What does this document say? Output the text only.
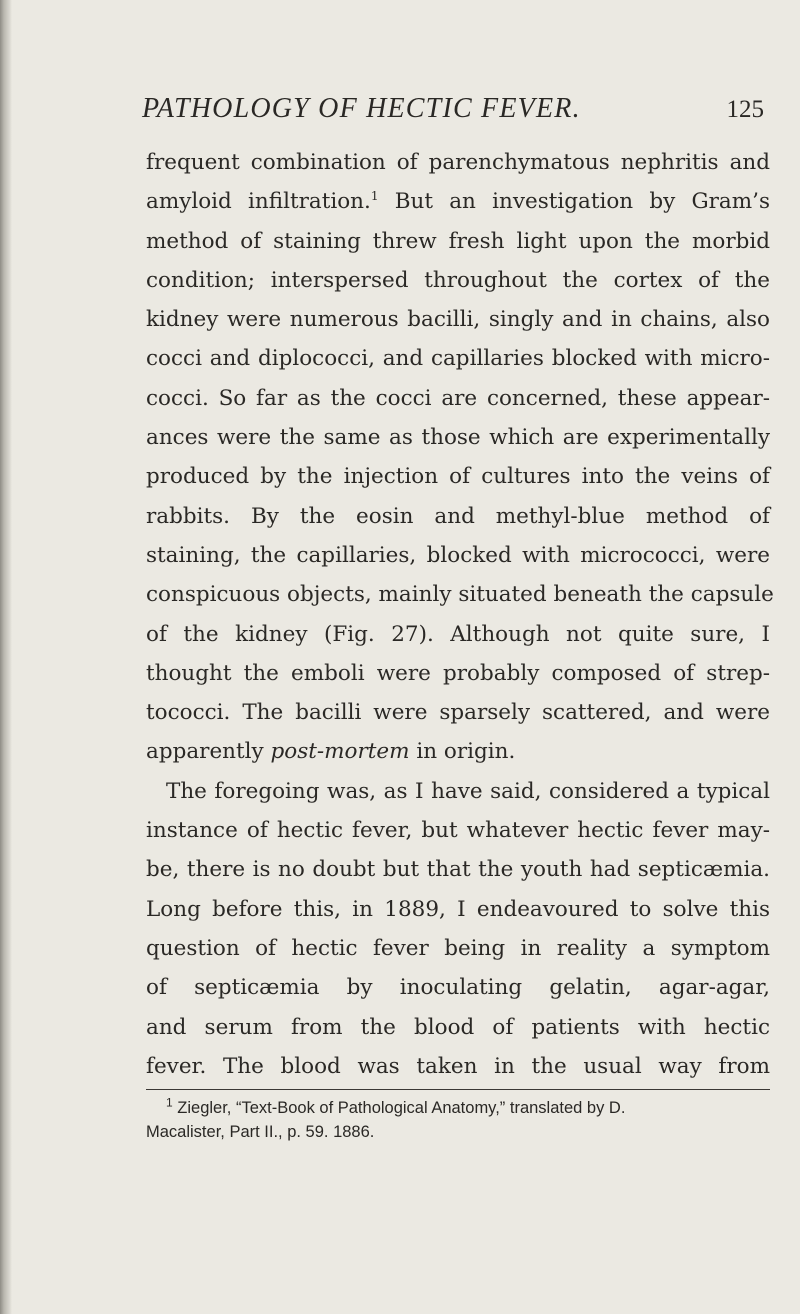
PATHOLOGY OF HECTIC FEVER.	125
frequent combination of parenchymatous nephritis and
amyloid infiltration.$^1$ But an investigation by Gram’s
method of staining threw fresh light upon the morbid
condition; interspersed throughout the cortex of the
kidney were numerous bacilli, singly and in chains, also
cocci and diplococci, and capillaries blocked with micro-
cocci. So far as the cocci are concerned, these appear-
ances were the same as those which are experimentally
produced by the injection of cultures into the veins of
rabbits. By the eosin and methyl-blue method of
staining, the capillaries, blocked with micrococci, were
conspicuous objects, mainly situated beneath the capsule
of the kidney (Fig. 27). Although not quite sure, I
thought the emboli were probably composed of strep-
tococci. The bacilli were sparsely scattered, and were
apparently post-mortem in origin.
The foregoing was, as I have said, considered a typical
instance of hectic fever, but whatever hectic fever may-
be, there is no doubt but that the youth had septicæmia.
Long before this, in 1889, I endeavoured to solve this
question of hectic fever being in reality a symptom
of septicæmia by inoculating gelatin, agar-agar,
and serum from the blood of patients with hectic
fever. The blood was taken in the usual way from
$^1$ Ziegler, “Text-Book of Pathological Anatomy,” translated by D.
Macalister, Part II., p. 59. 1886.
